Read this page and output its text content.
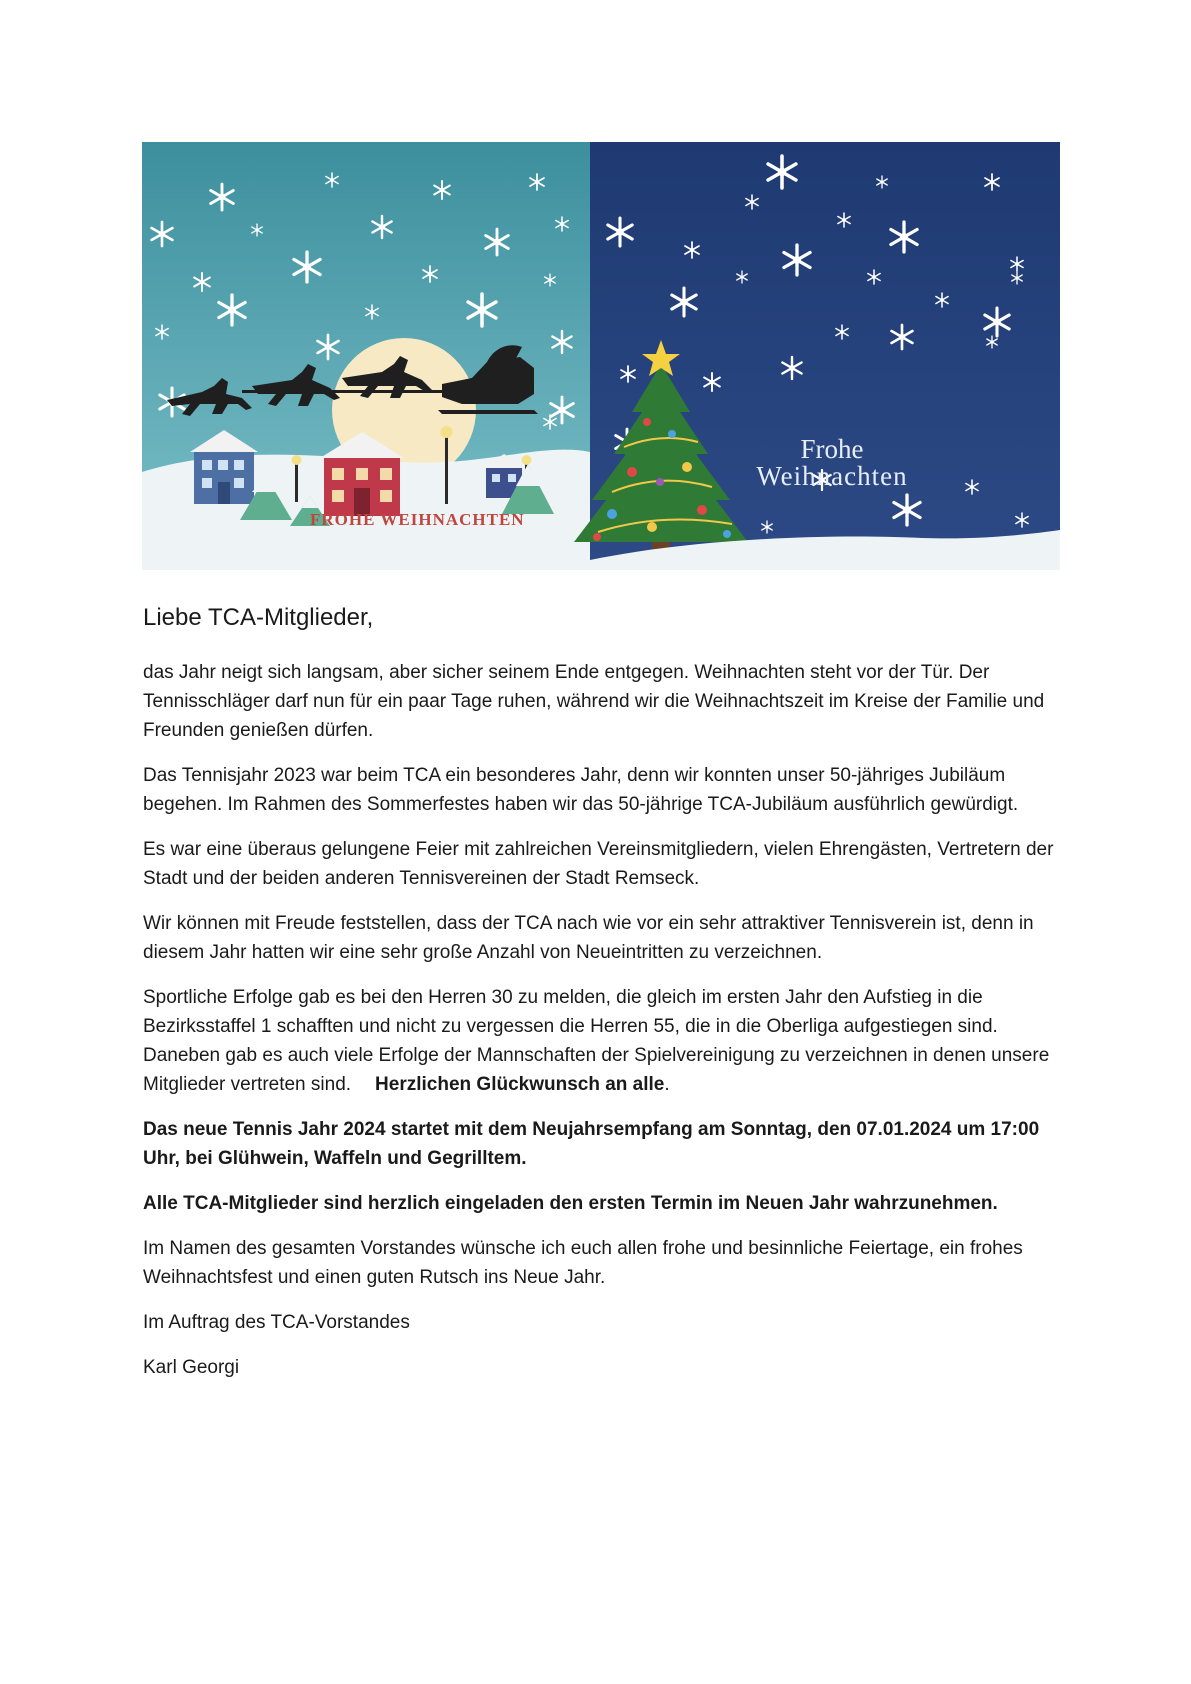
FROHE WEIHNACHTEN
Frohe
Weihnachten

Liebe TCA-Mitglieder,

das Jahr neigt sich langsam, aber sicher seinem Ende entgegen. Weihnachten steht vor der Tür. Der Tennisschläger darf nun für ein paar Tage ruhen, während wir die Weihnachtszeit im Kreise der Familie und Freunden genießen dürfen.

Das Tennisjahr 2023 war beim TCA ein besonderes Jahr, denn wir konnten unser 50-jähriges Jubiläum begehen. Im Rahmen des Sommerfestes haben wir das 50-jährige TCA-Jubiläum ausführlich gewürdigt.

Es war eine überaus gelungene Feier mit zahlreichen Vereinsmitgliedern, vielen Ehrengästen, Vertretern der Stadt und der beiden anderen Tennisvereinen der Stadt Remseck.

Wir können mit Freude feststellen, dass der TCA nach wie vor ein sehr attraktiver Tennisverein ist, denn in diesem Jahr hatten wir eine sehr große Anzahl von Neueintritten zu verzeichnen.

Sportliche Erfolge gab es bei den Herren 30 zu melden, die gleich im ersten Jahr den Aufstieg in die Bezirksstaffel 1 schafften und nicht zu vergessen die Herren 55, die in die Oberliga aufgestiegen sind. Daneben gab es auch viele Erfolge der Mannschaften der Spielvereinigung zu verzeichnen in denen unsere Mitglieder vertreten sind. Herzlichen Glückwunsch an alle.

Das neue Tennis Jahr 2024 startet mit dem Neujahrsempfang am Sonntag, den 07.01.2024 um 17:00 Uhr, bei Glühwein, Waffeln und Gegrilltem.

Alle TCA-Mitglieder sind herzlich eingeladen den ersten Termin im Neuen Jahr wahrzunehmen.

Im Namen des gesamten Vorstandes wünsche ich euch allen frohe und besinnliche Feiertage, ein frohes Weihnachtsfest und einen guten Rutsch ins Neue Jahr.

Im Auftrag des TCA-Vorstandes

Karl Georgi
